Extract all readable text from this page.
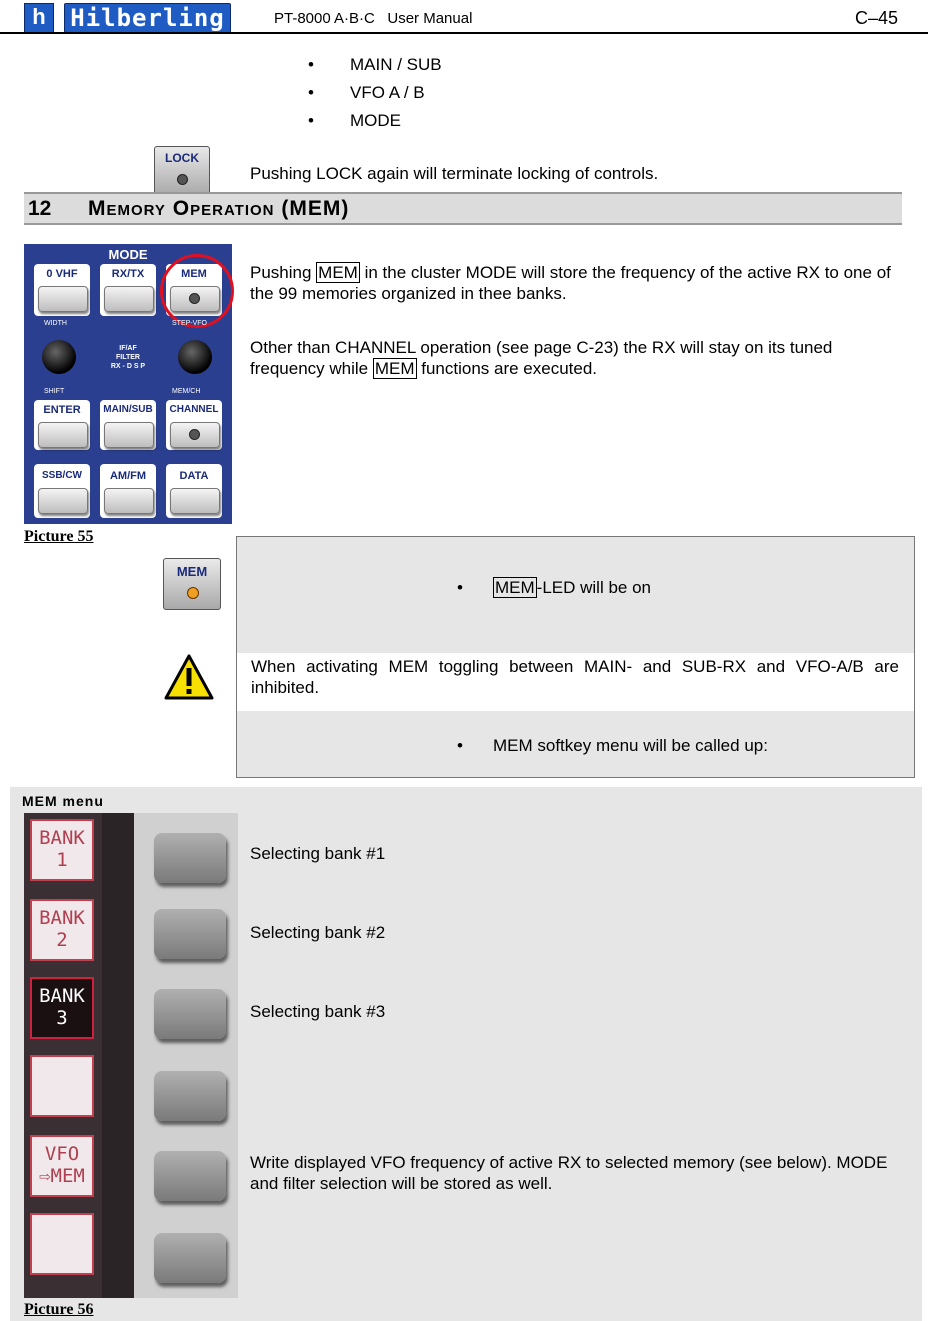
h Hilberling	PT-8000 A·B·C   User Manual	C–45
• MAIN / SUB
• VFO A / B
• MODE
LOCK
Pushing LOCK again will terminate locking of controls.
12 Memory Operation (MEM)
MODE
0 VHF	RX/TX	MEM
WIDTH	STEP-VFO
IF/AF
FILTER
RX - D S P
SHIFT	MEM/CH
ENTER	MAIN/SUB	CHANNEL
SSB/CW	AM/FM	DATA
Pushing MEM in the cluster MODE will store the frequency of the active RX to one of the 99 memories organized in thee banks.
Other than CHANNEL operation (see page C-23) the RX will stay on its tuned frequency while MEM functions are executed.
Picture 55
MEM
• MEM -LED will be on
When activating MEM toggling between MAIN- and SUB-RX and VFO-A/B are inhibited.
• MEM softkey menu will be called up:
MEM menu
BANK
1
BANK
2
BANK
3
VFO
⇨MEM
Selecting bank #1
Selecting bank #2
Selecting bank #3
Write displayed VFO frequency of active RX to selected memory (see below). MODE and filter selection will be stored as well.
Picture 56
